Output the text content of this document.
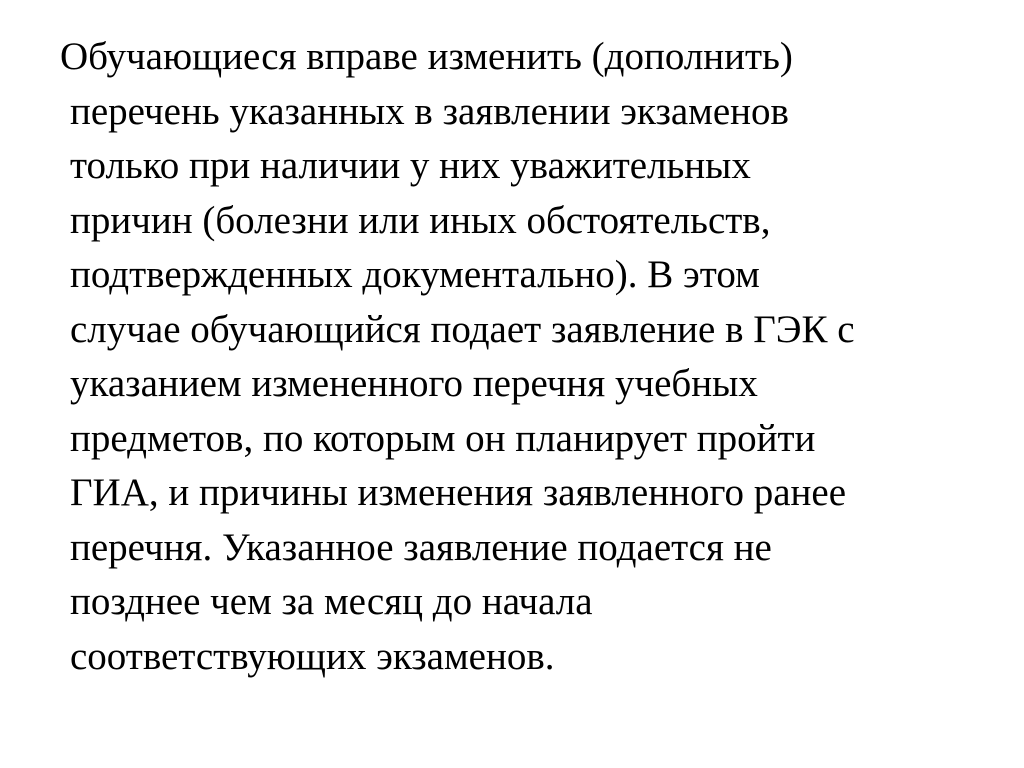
Обучающиеся вправе изменить (дополнить)
перечень указанных в заявлении экзаменов
только при наличии у них уважительных
причин (болезни или иных обстоятельств,
подтвержденных документально). В этом
случае обучающийся подает заявление в ГЭК с
указанием измененного перечня учебных
предметов, по которым он планирует пройти
ГИА, и причины изменения заявленного ранее
перечня. Указанное заявление подается не
позднее чем за месяц до начала
соответствующих экзаменов.
